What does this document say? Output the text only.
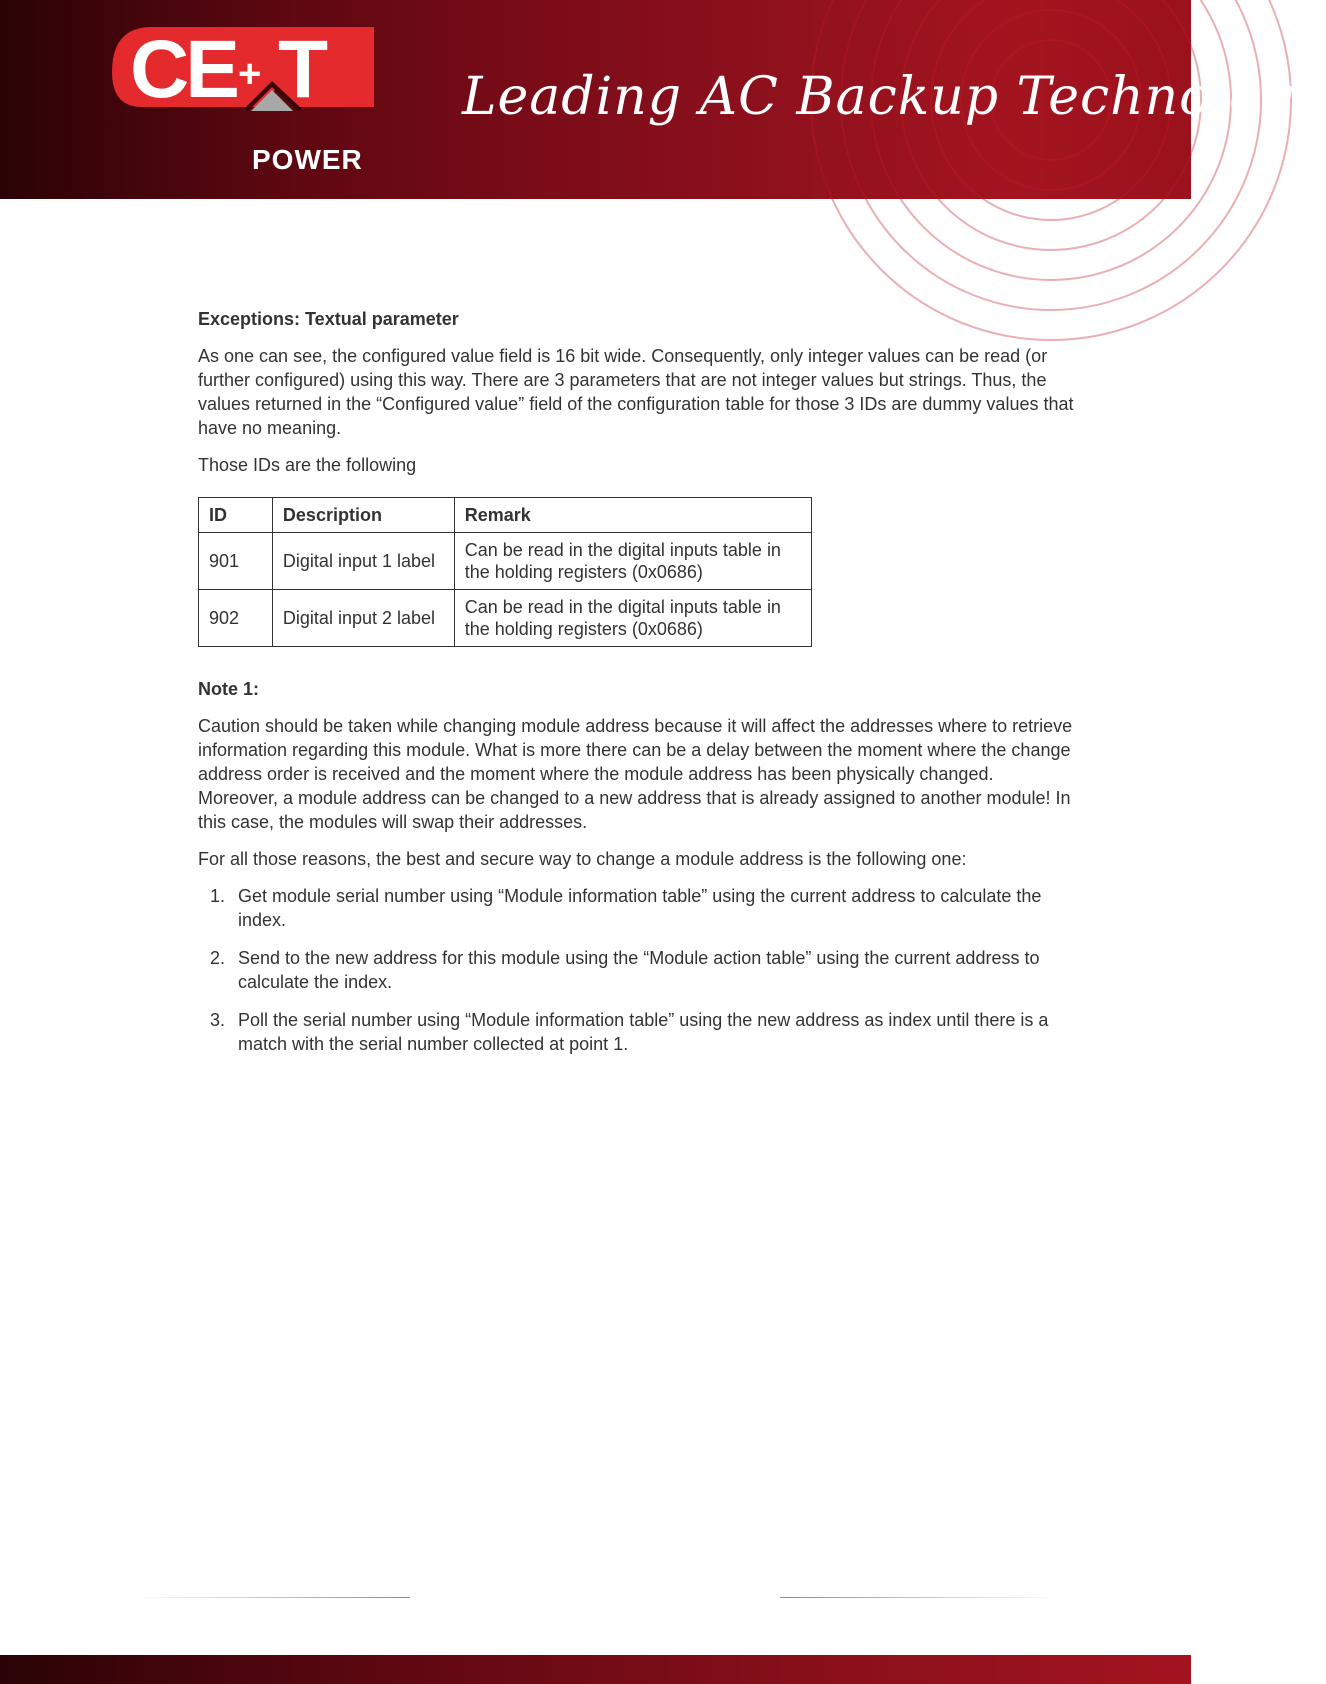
CE + T
POWER
Leading AC Backup Technology
Exceptions: Textual parameter

As one can see, the configured value field is 16 bit wide. Consequently, only integer values can be read (or further configured) using this way. There are 3 parameters that are not integer values but strings. Thus, the values returned in the “Configured value” field of the configuration table for those 3 IDs are dummy values that have no meaning.

Those IDs are the following

ID	Description	Remark
901	Digital input 1 label	Can be read in the digital inputs table in the holding registers (0x0686)
902	Digital input 2 label	Can be read in the digital inputs table in the holding registers (0x0686)
Note 1:

Caution should be taken while changing module address because it will affect the addresses where to retrieve information regarding this module. What is more there can be a delay between the moment where the change address order is received and the moment where the module address has been physically changed. Moreover, a module address can be changed to a new address that is already assigned to another module! In this case, the modules will swap their addresses.

For all those reasons, the best and secure way to change a module address is the following one:

1. Get module serial number using “Module information table” using the current address to calculate the index.
2. Send to the new address for this module using the “Module action table” using the current address to calculate the index.
3. Poll the serial number using “Module information table” using the new address as index until there is a match with the serial number collected at point 1.
